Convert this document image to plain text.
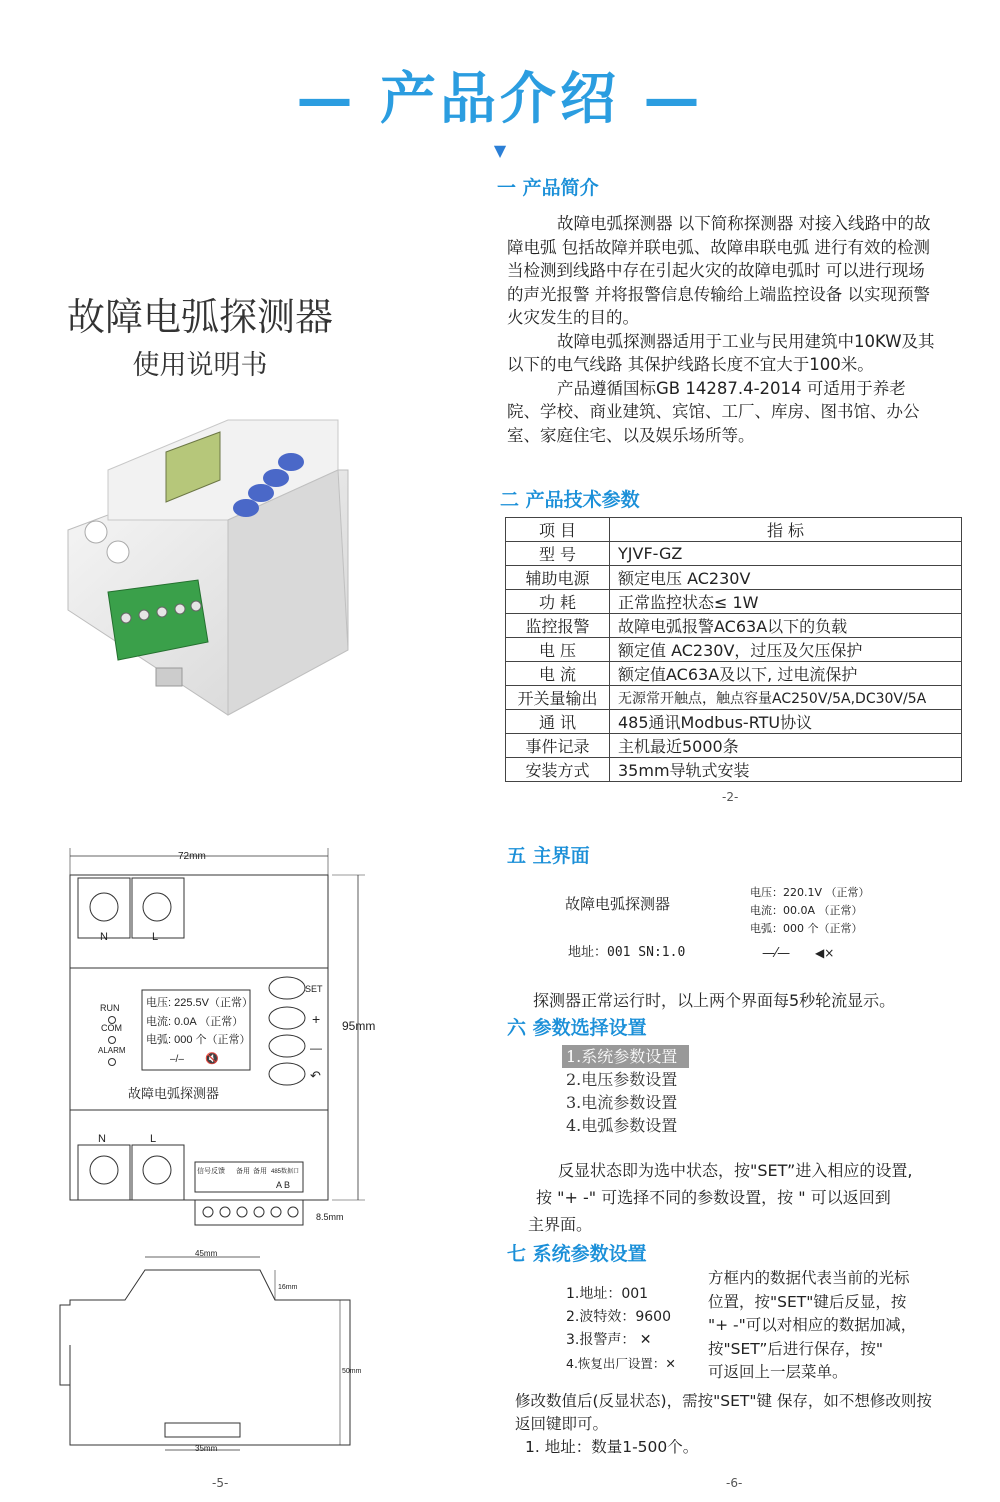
— 产品介绍 —
▼
故障电弧探测器
使用说明书
一 产品简介

故障电弧探测器 以下简称探测器 对接入线路中的故障电弧 包括故障并联电弧、故障串联电弧 进行有效的检测 当检测到线路中存在引起火灾的故障电弧时 可以进行现场的声光报警 并将报警信息传输给上端监控设备 以实现预警火灾发生的目的。

故障电弧探测器适用于工业与民用建筑中10KW及其以下的电气线路 其保护线路长度不宜大于100米。

产品遵循国标GB 14287.4-2014 可适用于养老院、学校、商业建筑、宾馆、工厂、库房、图书馆、办公室、家庭住宅、以及娱乐场所等。

二 产品技术参数
项 目	指 标
型 号	YJVF-GZ
辅助电源	额定电压 AC230V
功 耗	正常监控状态≤ 1W
监控报警	故障电弧报警AC63A以下的负载
电 压	额定值 AC230V，过压及欠压保护
电 流	额定值AC63A及以下, 过电流保护
开关量输出	无源常开触点，触点容量AC250V/5A,DC30V/5A
通 讯	485通讯Modbus-RTU协议
事件记录	主机最近5000条
安装方式	35mm导轨式安装
-2-
72mm
95mm
N	L
电压: 225.5V（正常）
电流: 0.0A （正常）
电弧: 000 个（正常）
–/– 🔇
RUN
COM
ALARM
SET
+
—
↶
故障电弧探测器
N	L
信号反馈 备用 备用 485数据口
A B
8.5mm
45mm
16mm
50mm
35mm
-5-
五 主界面
故障电弧探测器
地址：001 SN:1.0
电压：220.1V （正常）
电流：00.0A （正常）
电弧：000 个（正常）
—⁄— ◀×
探测器正常运行时，以上两个界面每5秒轮流显示。
六 参数选择设置
1.系统参数设置
2.电压参数设置
3.电流参数设置
4.电弧参数设置
反显状态即为选中状态，按"SET”进入相应的设置,
按 "+ -" 可选择不同的参数设置，按 " 可以返回到
主界面。
七 系统参数设置
1.地址：001
2.波特效：9600
3.报警声： ✕
4.恢复出厂设置：✕
方框内的数据代表当前的光标
位置，按"SET"键后反显，按
"+ -"可以对相应的数据加减，
按"SET”后进行保存，按"
可返回上一层菜单。
修改数值后(反显状态)，需按"SET"键 保存，如不想修改则按
返回键即可。
1. 地址：数量1-500个。
-6-
